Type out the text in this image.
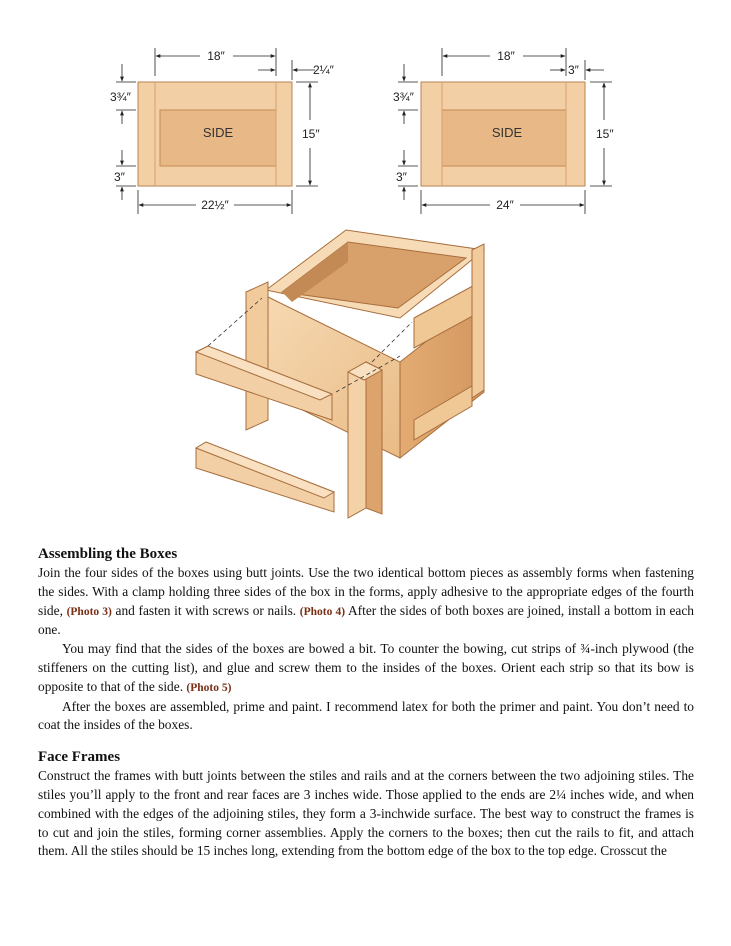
SIDE
18″
2¼″
3¾″
3″
15″
22½″
SIDE
18″
3″
3¾″
3″
15″
24″
Assembling the Boxes

Join the four sides of the boxes using butt joints. Use the two identical bottom pieces as assembly forms when fastening the sides. With a clamp holding three sides of the box in the forms, apply adhesive to the appropriate edges of the fourth side, (Photo 3) and fasten it with screws or nails. (Photo 4) After the sides of both boxes are joined, install a bottom in each one.

You may find that the sides of the boxes are bowed a bit. To counter the bowing, cut strips of ¾-inch plywood (the stiffeners on the cutting list), and glue and screw them to the insides of the boxes. Orient each strip so that its bow is opposite to that of the side. (Photo 5)

After the boxes are assembled, prime and paint. I recommend latex for both the primer and paint. You don’t need to coat the insides of the boxes.

Face Frames

Construct the frames with butt joints between the stiles and rails and at the corners between the two adjoining stiles. The stiles you’ll apply to the front and rear faces are 3 inches wide. Those applied to the ends are 2¼ inches wide, and when combined with the edges of the adjoining stiles, they form a 3-inchwide surface. The best way to construct the frames is to cut and join the stiles, forming corner assemblies. Apply the corners to the boxes; then cut the rails to fit, and attach them. All the stiles should be 15 inches long, extending from the bottom edge of the box to the top edge. Crosscut the
